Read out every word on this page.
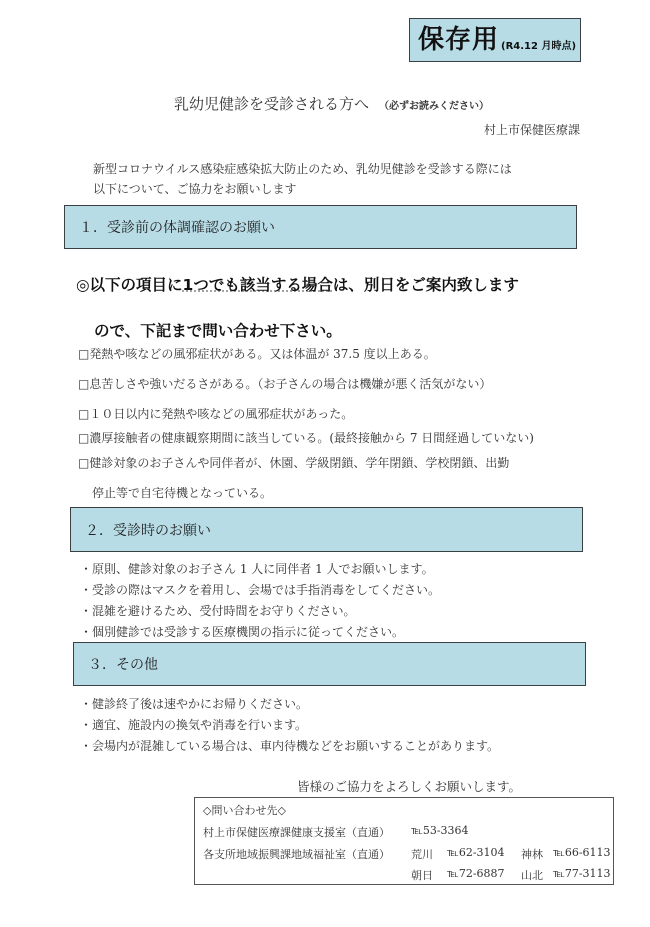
保存用 (R4.12 月時点)
乳幼児健診を受診される方へ （必ずお読みください）
村上市保健医療課
新型コロナウイルス感染症感染拡大防止のため、乳幼児健診を受診する際には
以下について、ご協力をお願いします
１．受診前の体調確認のお願い
◎以下の項目に1つでも該当する場合は、別日をご案内致します
ので、下記まで問い合わせ下さい。
□発熱や咳などの風邪症状がある。又は体温が 37.5 度以上ある。
□息苦しさや強いだるさがある。（お子さんの場合は機嫌が悪く活気がない）
□１０日以内に発熱や咳などの風邪症状があった。
□濃厚接触者の健康観察期間に該当している。(最終接触から 7 日間経過していない)
□健診対象のお子さんや同伴者が、休園、学級閉鎖、学年閉鎖、学校閉鎖、出勤
停止等で自宅待機となっている。
２．受診時のお願い
・原則、健診対象のお子さん 1 人に同伴者 1 人でお願いします。
・受診の際はマスクを着用し、会場では手指消毒をしてください。
・混雑を避けるため、受付時間をお守りください。
・個別健診では受診する医療機関の指示に従ってください。
３．その他
・健診終了後は速やかにお帰りください。
・適宜、施設内の換気や消毒を行います。
・会場内が混雑している場合は、車内待機などをお願いすることがあります。
皆様のご協力をよろしくお願いします。
◇問い合わせ先◇
村上市保健医療課健康支援室（直通） ℡53-3364
各支所地域振興課地域福祉室（直通） 荒川 ℡62-3104 神林 ℡66-6113
朝日 ℡72-6887 山北 ℡77-3113
